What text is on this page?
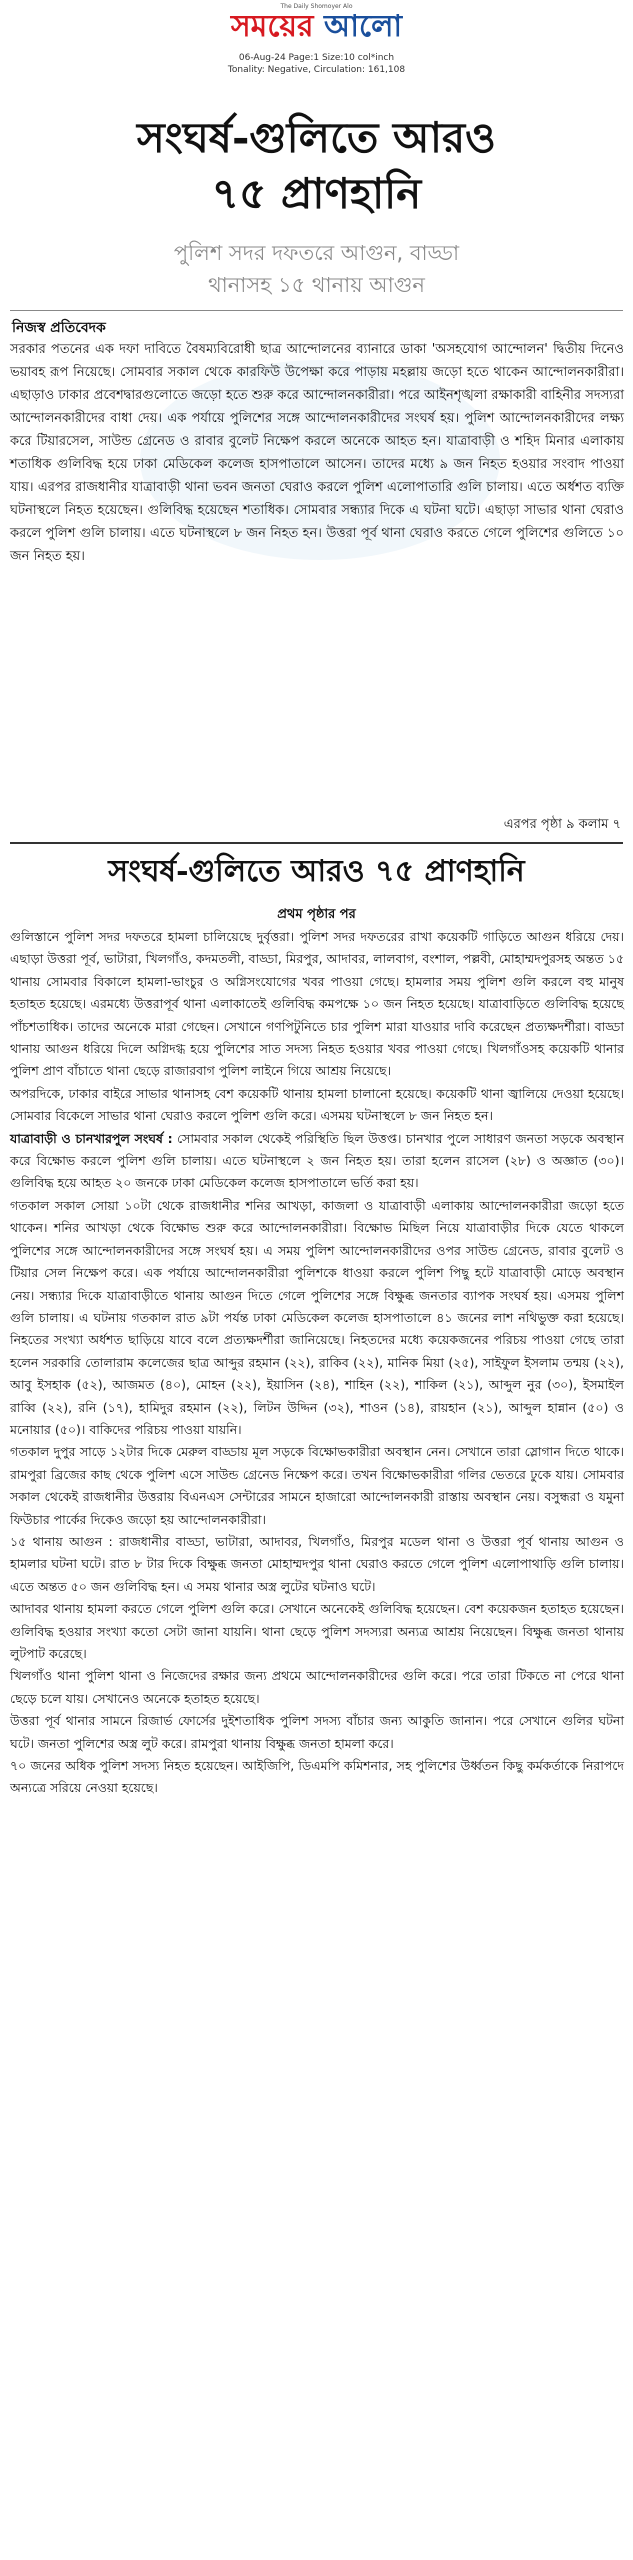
The Daily Shomoyer Alo
সময়ের আলো
06-Aug-24 Page:1 Size:10 col*inch
Tonality: Negative, Circulation: 161,108
সংঘর্ষ-গুলিতে আরও
৭৫ প্রাণহানি
পুলিশ সদর দফতরে আগুন, বাড্ডা
থানাসহ ১৫ থানায় আগুন
নিজস্ব প্রতিবেদক

সরকার পতনের এক দফা দাবিতে বৈষম্যবিরোধী ছাত্র আন্দোলনের ব্যানারে ডাকা 'অসহযোগ আন্দোলন' দ্বিতীয় দিনেও ভয়াবহ রূপ নিয়েছে। সোমবার সকাল থেকে কারফিউ উপেক্ষা করে পাড়ায় মহল্লায় জড়ো হতে থাকেন আন্দোলনকারীরা। এছাড়াও ঢাকার প্রবেশদ্বারগুলোতে জড়ো হতে শুরু করে আন্দোলনকারীরা। পরে আইনশৃঙ্খলা রক্ষাকারী বাহিনীর সদস্যরা আন্দোলনকারীদের বাধা দেয়। এক পর্যায়ে পুলিশের সঙ্গে আন্দোলনকারীদের সংঘর্ষ হয়। পুলিশ আন্দোলনকারীদের লক্ষ্য করে টিয়ারসেল, সাউন্ড গ্রেনেড ও রাবার বুলেট নিক্ষেপ করলে অনেকে আহত হন। যাত্রাবাড়ী ও শহিদ মিনার এলাকায় শতাধিক গুলিবিদ্ধ হয়ে ঢাকা মেডিকেল কলেজ হাসপাতালে আসেন। তাদের মধ্যে ৯ জন নিহত হওয়ার সংবাদ পাওয়া যায়। এরপর রাজধানীর যাত্রাবাড়ী থানা ভবন জনতা ঘেরাও করলে পুলিশ এলোপাতারি গুলি চালায়। এতে অর্ধশত ব্যক্তি ঘটনাস্থলে নিহত হয়েছেন। গুলিবিদ্ধ হয়েছেন শতাধিক। সোমবার সন্ধ্যার দিকে এ ঘটনা ঘটে। এছাড়া সাভার থানা ঘেরাও করলে পুলিশ গুলি চালায়। এতে ঘটনাস্থলে ৮ জন নিহত হন। উত্তরা পূর্ব থানা ঘেরাও করতে গেলে পুলিশের গুলিতে ১০ জন নিহত হয়।

এরপর পৃষ্ঠা ৯ কলাম ৭
সংঘর্ষ-গুলিতে আরও ৭৫ প্রাণহানি
প্রথম পৃষ্ঠার পর

গুলিস্তানে পুলিশ সদর দফতরে হামলা চালিয়েছে দুর্বৃত্তরা। পুলিশ সদর দফতরের রাখা কয়েকটি গাড়িতে আগুন ধরিয়ে দেয়। এছাড়া উত্তরা পূর্ব, ভাটারা, খিলগাঁও, কদমতলী, বাড্ডা, মিরপুর, আদাবর, লালবাগ, বংশাল, পল্লবী, মোহাম্মদপুরসহ অন্তত ১৫ থানায় সোমবার বিকালে হামলা-ভাংচুর ও অগ্নিসংযোগের খবর পাওয়া গেছে। হামলার সময় পুলিশ গুলি করলে বহু মানুষ হতাহত হয়েছে। এরমধ্যে উত্তরাপূর্ব থানা এলাকাতেই গুলিবিদ্ধ কমপক্ষে ১০ জন নিহত হয়েছে। যাত্রাবাড়িতে গুলিবিদ্ধ হয়েছে পাঁচশতাধিক। তাদের অনেকে মারা গেছেন। সেখানে গণপিটুনিতে চার পুলিশ মারা যাওয়ার দাবি করেছেন প্রত্যক্ষদর্শীরা। বাড্ডা থানায় আগুন ধরিয়ে দিলে অগ্নিদগ্ধ হয়ে পুলিশের সাত সদস্য নিহত হওয়ার খবর পাওয়া গেছে। খিলগাঁওসহ কয়েকটি থানার পুলিশ প্রাণ বাঁচাতে থানা ছেড়ে রাজারবাগ পুলিশ লাইনে গিয়ে আশ্রয় নিয়েছে।

অপরদিকে, ঢাকার বাইরে সাভার থানাসহ বেশ কয়েকটি থানায় হামলা চালানো হয়েছে। কয়েকটি থানা জ্বালিয়ে দেওয়া হয়েছে। সোমবার বিকেলে সাভার থানা ঘেরাও করলে পুলিশ গুলি করে। এসময় ঘটনাস্থলে ৮ জন নিহত হন।

যাত্রাবাড়ী ও চানখারপুল সংঘর্ষ : সোমবার সকাল থেকেই পরিস্থিতি ছিল উত্তপ্ত। চানখার পুলে সাধারণ জনতা সড়কে অবস্থান করে বিক্ষোভ করলে পুলিশ গুলি চালায়। এতে ঘটনাস্থলে ২ জন নিহত হয়। তারা হলেন রাসেল (২৮) ও অজ্ঞাত (৩০)। গুলিবিদ্ধ হয়ে আহত ২০ জনকে ঢাকা মেডিকেল কলেজ হাসপাতালে ভর্তি করা হয়।

গতকাল সকাল সোয়া ১০টা থেকে রাজধানীর শনির আখড়া, কাজলা ও যাত্রাবাড়ী এলাকায় আন্দোলনকারীরা জড়ো হতে থাকেন। শনির আখড়া থেকে বিক্ষোভ শুরু করে আন্দোলনকারীরা। বিক্ষোভ মিছিল নিয়ে যাত্রাবাড়ীর দিকে যেতে থাকলে পুলিশের সঙ্গে আন্দোলনকারীদের সঙ্গে সংঘর্ষ হয়। এ সময় পুলিশ আন্দোলনকারীদের ওপর সাউন্ড গ্রেনেড, রাবার বুলেট ও টিয়ার সেল নিক্ষেপ করে। এক পর্যায়ে আন্দোলনকারীরা পুলিশকে ধাওয়া করলে পুলিশ পিছু হটে যাত্রাবাড়ী মোড়ে অবস্থান নেয়। সন্ধ্যার দিকে যাত্রাবাড়ীতে থানায় আগুন দিতে গেলে পুলিশের সঙ্গে বিক্ষুব্ধ জনতার ব্যাপক সংঘর্ষ হয়। এসময় পুলিশ গুলি চালায়। এ ঘটনায় গতকাল রাত ৯টা পর্যন্ত ঢাকা মেডিকেল কলেজ হাসপাতালে ৪১ জনের লাশ নথিভুক্ত করা হয়েছে। নিহতের সংখ্যা অর্ধশত ছাড়িয়ে যাবে বলে প্রত্যক্ষদর্শীরা জানিয়েছে। নিহতদের মধ্যে কয়েকজনের পরিচয় পাওয়া গেছে তারা হলেন সরকারি তোলারাম কলেজের ছাত্র আব্দুর রহমান (২২), রাকিব (২২), মানিক মিয়া (২৫), সাইফুল ইসলাম তন্ময় (২২), আবু ইসহাক (৫২), আজমত (৪০), মোহন (২২), ইয়াসিন (২৪), শাহিন (২২), শাকিল (২১), আব্দুল নুর (৩০), ইসমাইল রাব্বি (২২), রনি (১৭), হামিদুর রহমান (২২), লিটন উদ্দিন (৩২), শাওন (১৪), রায়হান (২১), আব্দুল হান্নান (৫০) ও মনোয়ার (৫০)। বাকিদের পরিচয় পাওয়া যায়নি।

গতকাল দুপুর সাড়ে ১২টার দিকে মেরুল বাড্ডায় মূল সড়কে বিক্ষোভকারীরা অবস্থান নেন। সেখানে তারা স্লোগান দিতে থাকে। রামপুরা ব্রিজের কাছ থেকে পুলিশ এসে সাউন্ড গ্রেনেড নিক্ষেপ করে। তখন বিক্ষোভকারীরা গলির ভেতরে ঢুকে যায়। সোমবার সকাল থেকেই রাজধানীর উত্তরায় বিএনএস সেন্টারের সামনে হাজারো আন্দোলনকারী রাস্তায় অবস্থান নেয়। বসুন্ধরা ও যমুনা ফিউচার পার্কের দিকেও জড়ো হয় আন্দোলনকারীরা।

১৫ থানায় আগুন : রাজধানীর বাড্ডা, ভাটারা, আদাবর, খিলগাঁও, মিরপুর মডেল থানা ও উত্তরা পূর্ব থানায় আগুন ও হামলার ঘটনা ঘটে। রাত ৮ টার দিকে বিক্ষুব্ধ জনতা মোহাম্মদপুর থানা ঘেরাও করতে গেলে পুলিশ এলোপাথাড়ি গুলি চালায়। এতে অন্তত ৫০ জন গুলিবিদ্ধ হন। এ সময় থানার অস্ত্র লুটের ঘটনাও ঘটে।

আদাবর থানায় হামলা করতে গেলে পুলিশ গুলি করে। সেখানে অনেকেই গুলিবিদ্ধ হয়েছেন। বেশ কয়েকজন হতাহত হয়েছেন। গুলিবিদ্ধ হওয়ার সংখ্যা কতো সেটা জানা যায়নি। থানা ছেড়ে পুলিশ সদস্যরা অন্যত্র আশ্রয় নিয়েছেন। বিক্ষুব্ধ জনতা থানায় লুটপাট করেছে।

খিলগাঁও থানা পুলিশ থানা ও নিজেদের রক্ষার জন্য প্রথমে আন্দোলনকারীদের গুলি করে। পরে তারা টিকতে না পেরে থানা ছেড়ে চলে যায়। সেখানেও অনেকে হতাহত হয়েছে।

উত্তরা পূর্ব থানার সামনে রিজার্ভ ফোর্সের দুইশতাধিক পুলিশ সদস্য বাঁচার জন্য আকুতি জানান। পরে সেখানে গুলির ঘটনা ঘটে। জনতা পুলিশের অস্ত্র লুট করে। রামপুরা থানায় বিক্ষুব্ধ জনতা হামলা করে।

৭০ জনের অধিক পুলিশ সদস্য নিহত হয়েছেন। আইজিপি, ডিএমপি কমিশনার, সহ পুলিশের উর্ধ্বতন কিছু কর্মকর্তাকে নিরাপদে অন্যত্রে সরিয়ে নেওয়া হয়েছে।
